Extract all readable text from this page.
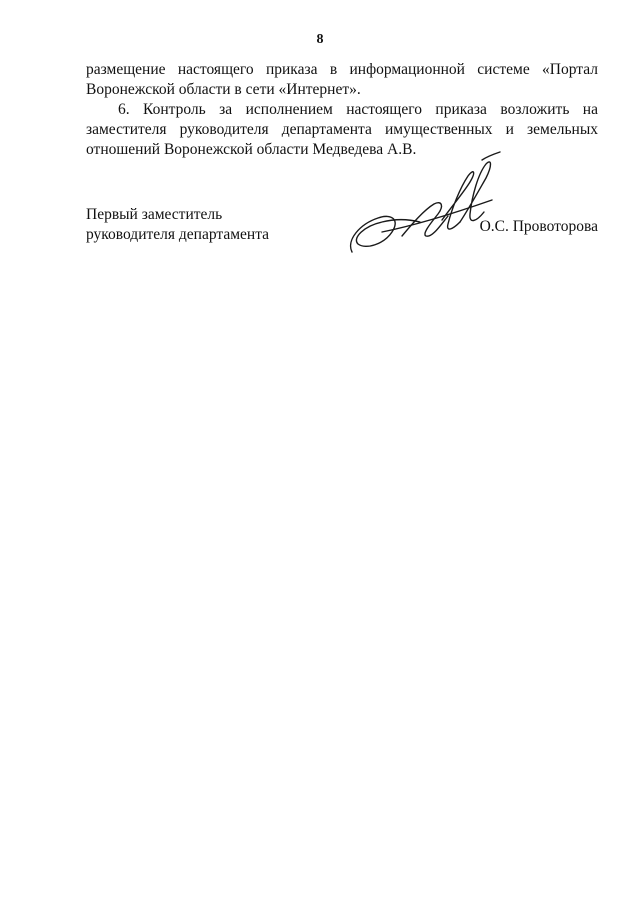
8

размещение настоящего приказа в информационной системе «Портал Воронежской области в сети «Интернет».

6. Контроль за исполнением настоящего приказа возложить на заместителя руководителя департамента имущественных и земельных отношений Воронежской области Медведева А.В.

Первый заместитель
руководителя департамента	О.С. Провоторова
